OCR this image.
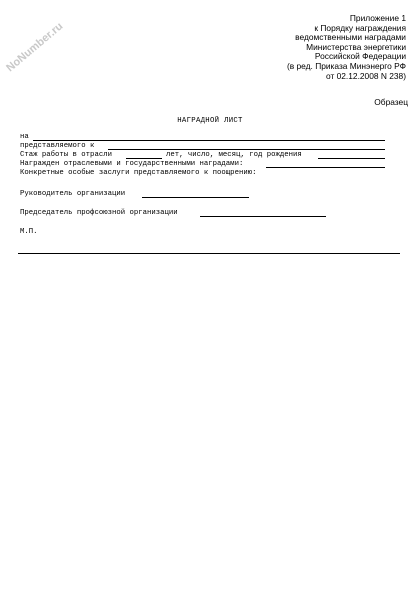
NoNumber.ru
Приложение 1
к Порядку награждения
ведомственными наградами
Министерства энергетики
Российской Федерации
(в ред. Приказа Минэнерго РФ
от 02.12.2008 N 238)
Образец
НАГРАДНОЙ ЛИСТ
на
представляемого к
Стаж работы в отрасли	лет, число, месяц, год рождения
Награжден отраслевыми и государственными наградами:
Конкретные особые заслуги представляемого к поощрению:
Руководитель организации
Председатель профсоюзной организации
М.П.
